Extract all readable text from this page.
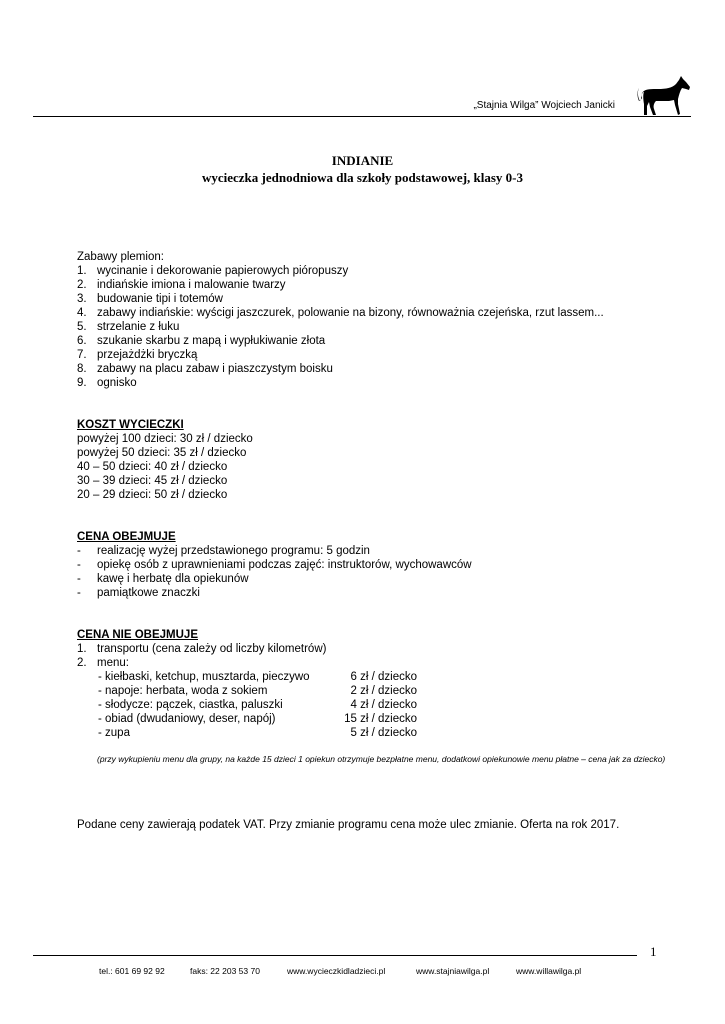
„Stajnia Wilga” Wojciech Janicki
INDIANIE
wycieczka jednodniowa dla szkoły podstawowej, klasy 0-3
Zabawy plemion:
1. wycinanie i dekorowanie papierowych pióropuszy
2. indiańskie imiona i malowanie twarzy
3. budowanie tipi i totemów
4. zabawy indiańskie: wyścigi jaszczurek, polowanie na bizony, równoważnia czejeńska, rzut lassem...
5. strzelanie z łuku
6. szukanie skarbu z mapą i wypłukiwanie złota
7. przejażdżki bryczką
8. zabawy na placu zabaw i piaszczystym boisku
9. ognisko
KOSZT WYCIECZKI
powyżej 100 dzieci: 30 zł / dziecko
powyżej 50 dzieci: 35 zł / dziecko
40 – 50 dzieci: 40 zł / dziecko
30 – 39 dzieci: 45 zł / dziecko
20 – 29 dzieci: 50 zł / dziecko
CENA OBEJMUJE
-	realizację wyżej przedstawionego programu: 5 godzin
-	opiekę osób z uprawnieniami podczas zajęć: instruktorów, wychowawców
-	kawę i herbatę dla opiekunów
-	pamiątkowe znaczki
CENA NIE OBEJMUJE
1. transportu (cena zależy od liczby kilometrów)
2. menu:
- kiełbaski, ketchup, musztarda, pieczywo	6 zł / dziecko
- napoje: herbata, woda z sokiem	2 zł / dziecko
- słodycze: pączek, ciastka, paluszki	4 zł / dziecko
- obiad (dwudaniowy, deser, napój)	15 zł / dziecko
- zupa	5 zł / dziecko
(przy wykupieniu menu dla grupy, na każde 15 dzieci 1 opiekun otrzymuje bezpłatne menu, dodatkowi opiekunowie menu płatne – cena jak za dziecko)
Podane ceny zawierają podatek VAT. Przy zmianie programu cena może ulec zmianie. Oferta na rok 2017.
1
tel.: 601 69 92 92	faks: 22 203 53 70	www.wycieczkidladzieci.pl	www.stajniawilga.pl	www.willawilga.pl
